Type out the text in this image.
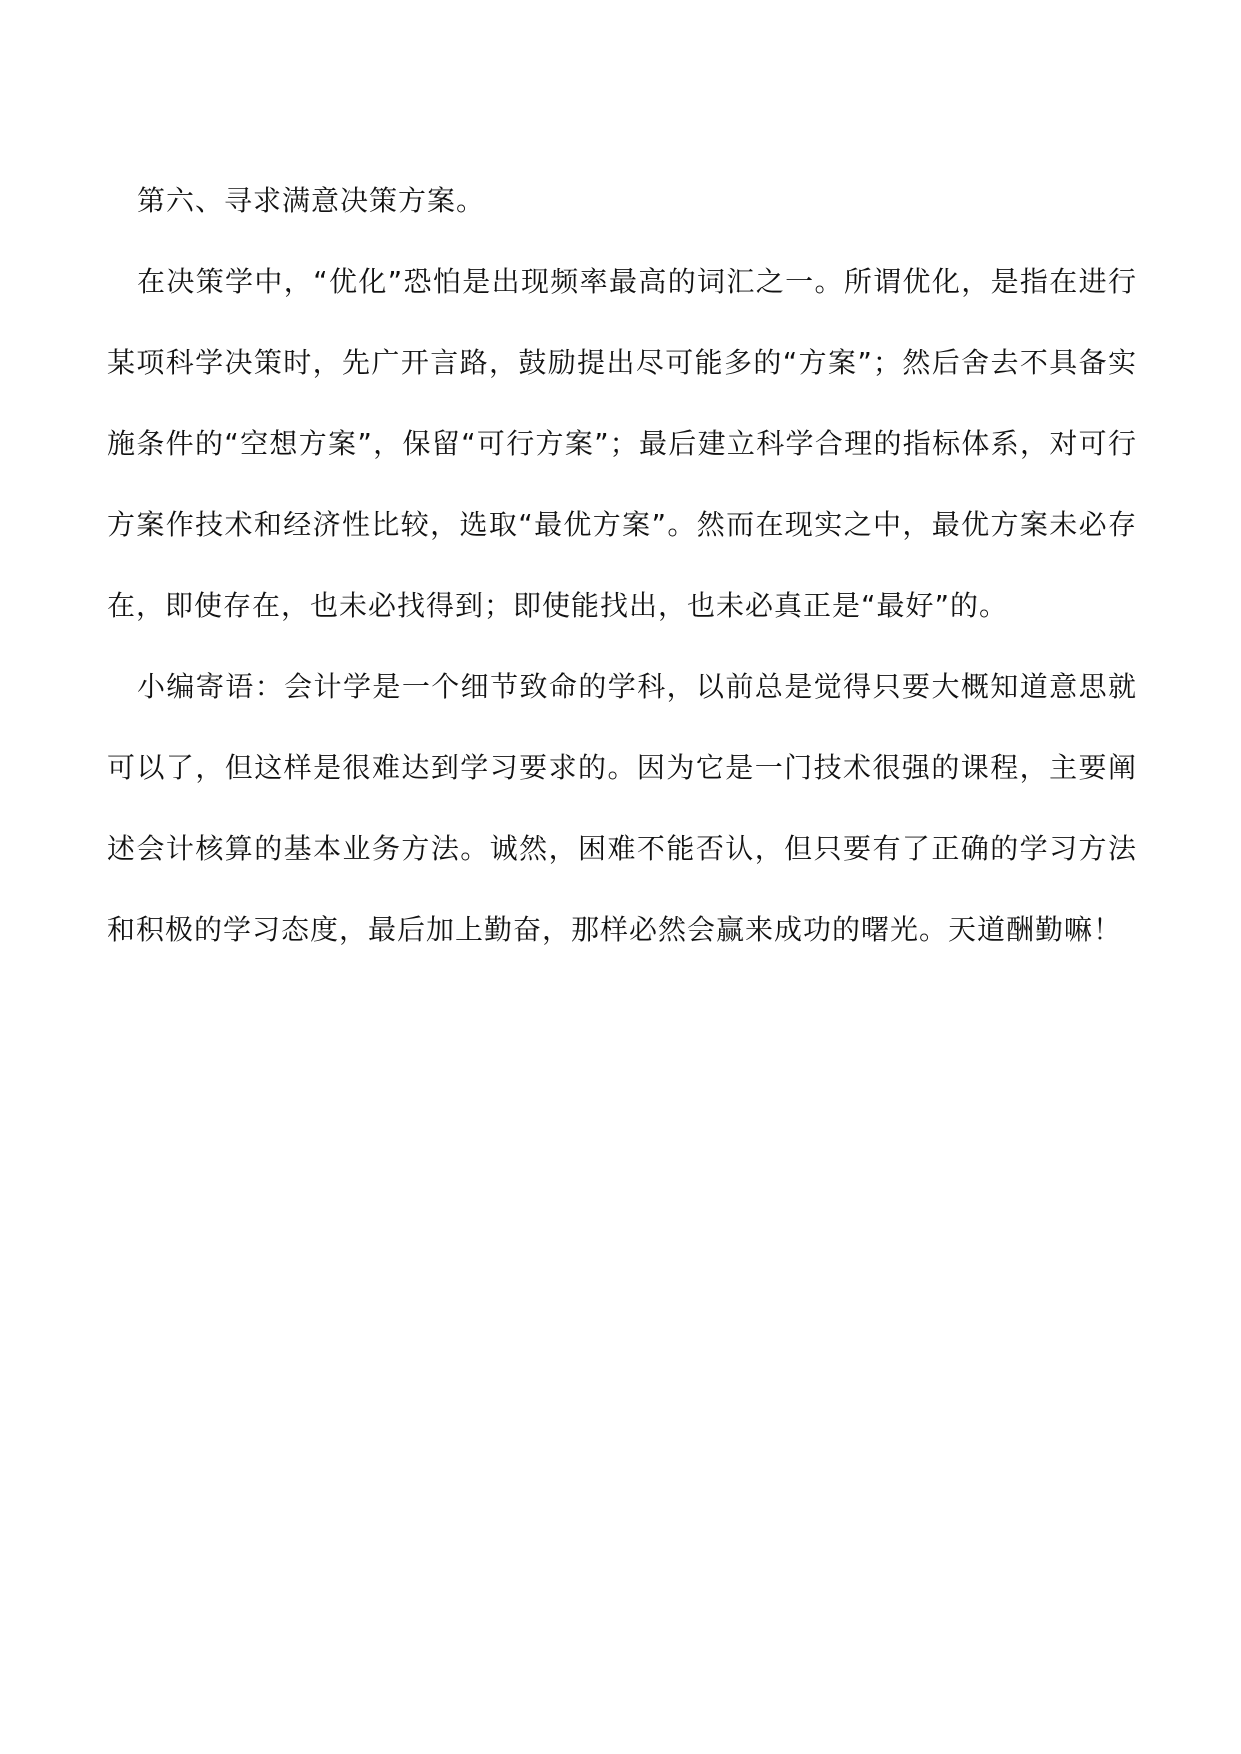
第六、寻求满意决策方案。

在决策学中，“优化”恐怕是出现频率最高的词汇之一。所谓优化，是指在进行某项科学决策时，先广开言路，鼓励提出尽可能多的“方案”；然后舍去不具备实施条件的“空想方案”，保留“可行方案”；最后建立科学合理的指标体系，对可行方案作技术和经济性比较，选取“最优方案”。然而在现实之中，最优方案未必存在，即使存在，也未必找得到；即使能找出，也未必真正是“最好”的。

小编寄语：会计学是一个细节致命的学科，以前总是觉得只要大概知道意思就可以了，但这样是很难达到学习要求的。因为它是一门技术很强的课程，主要阐述会计核算的基本业务方法。诚然，困难不能否认，但只要有了正确的学习方法和积极的学习态度，最后加上勤奋，那样必然会赢来成功的曙光。天道酬勤嘛！
